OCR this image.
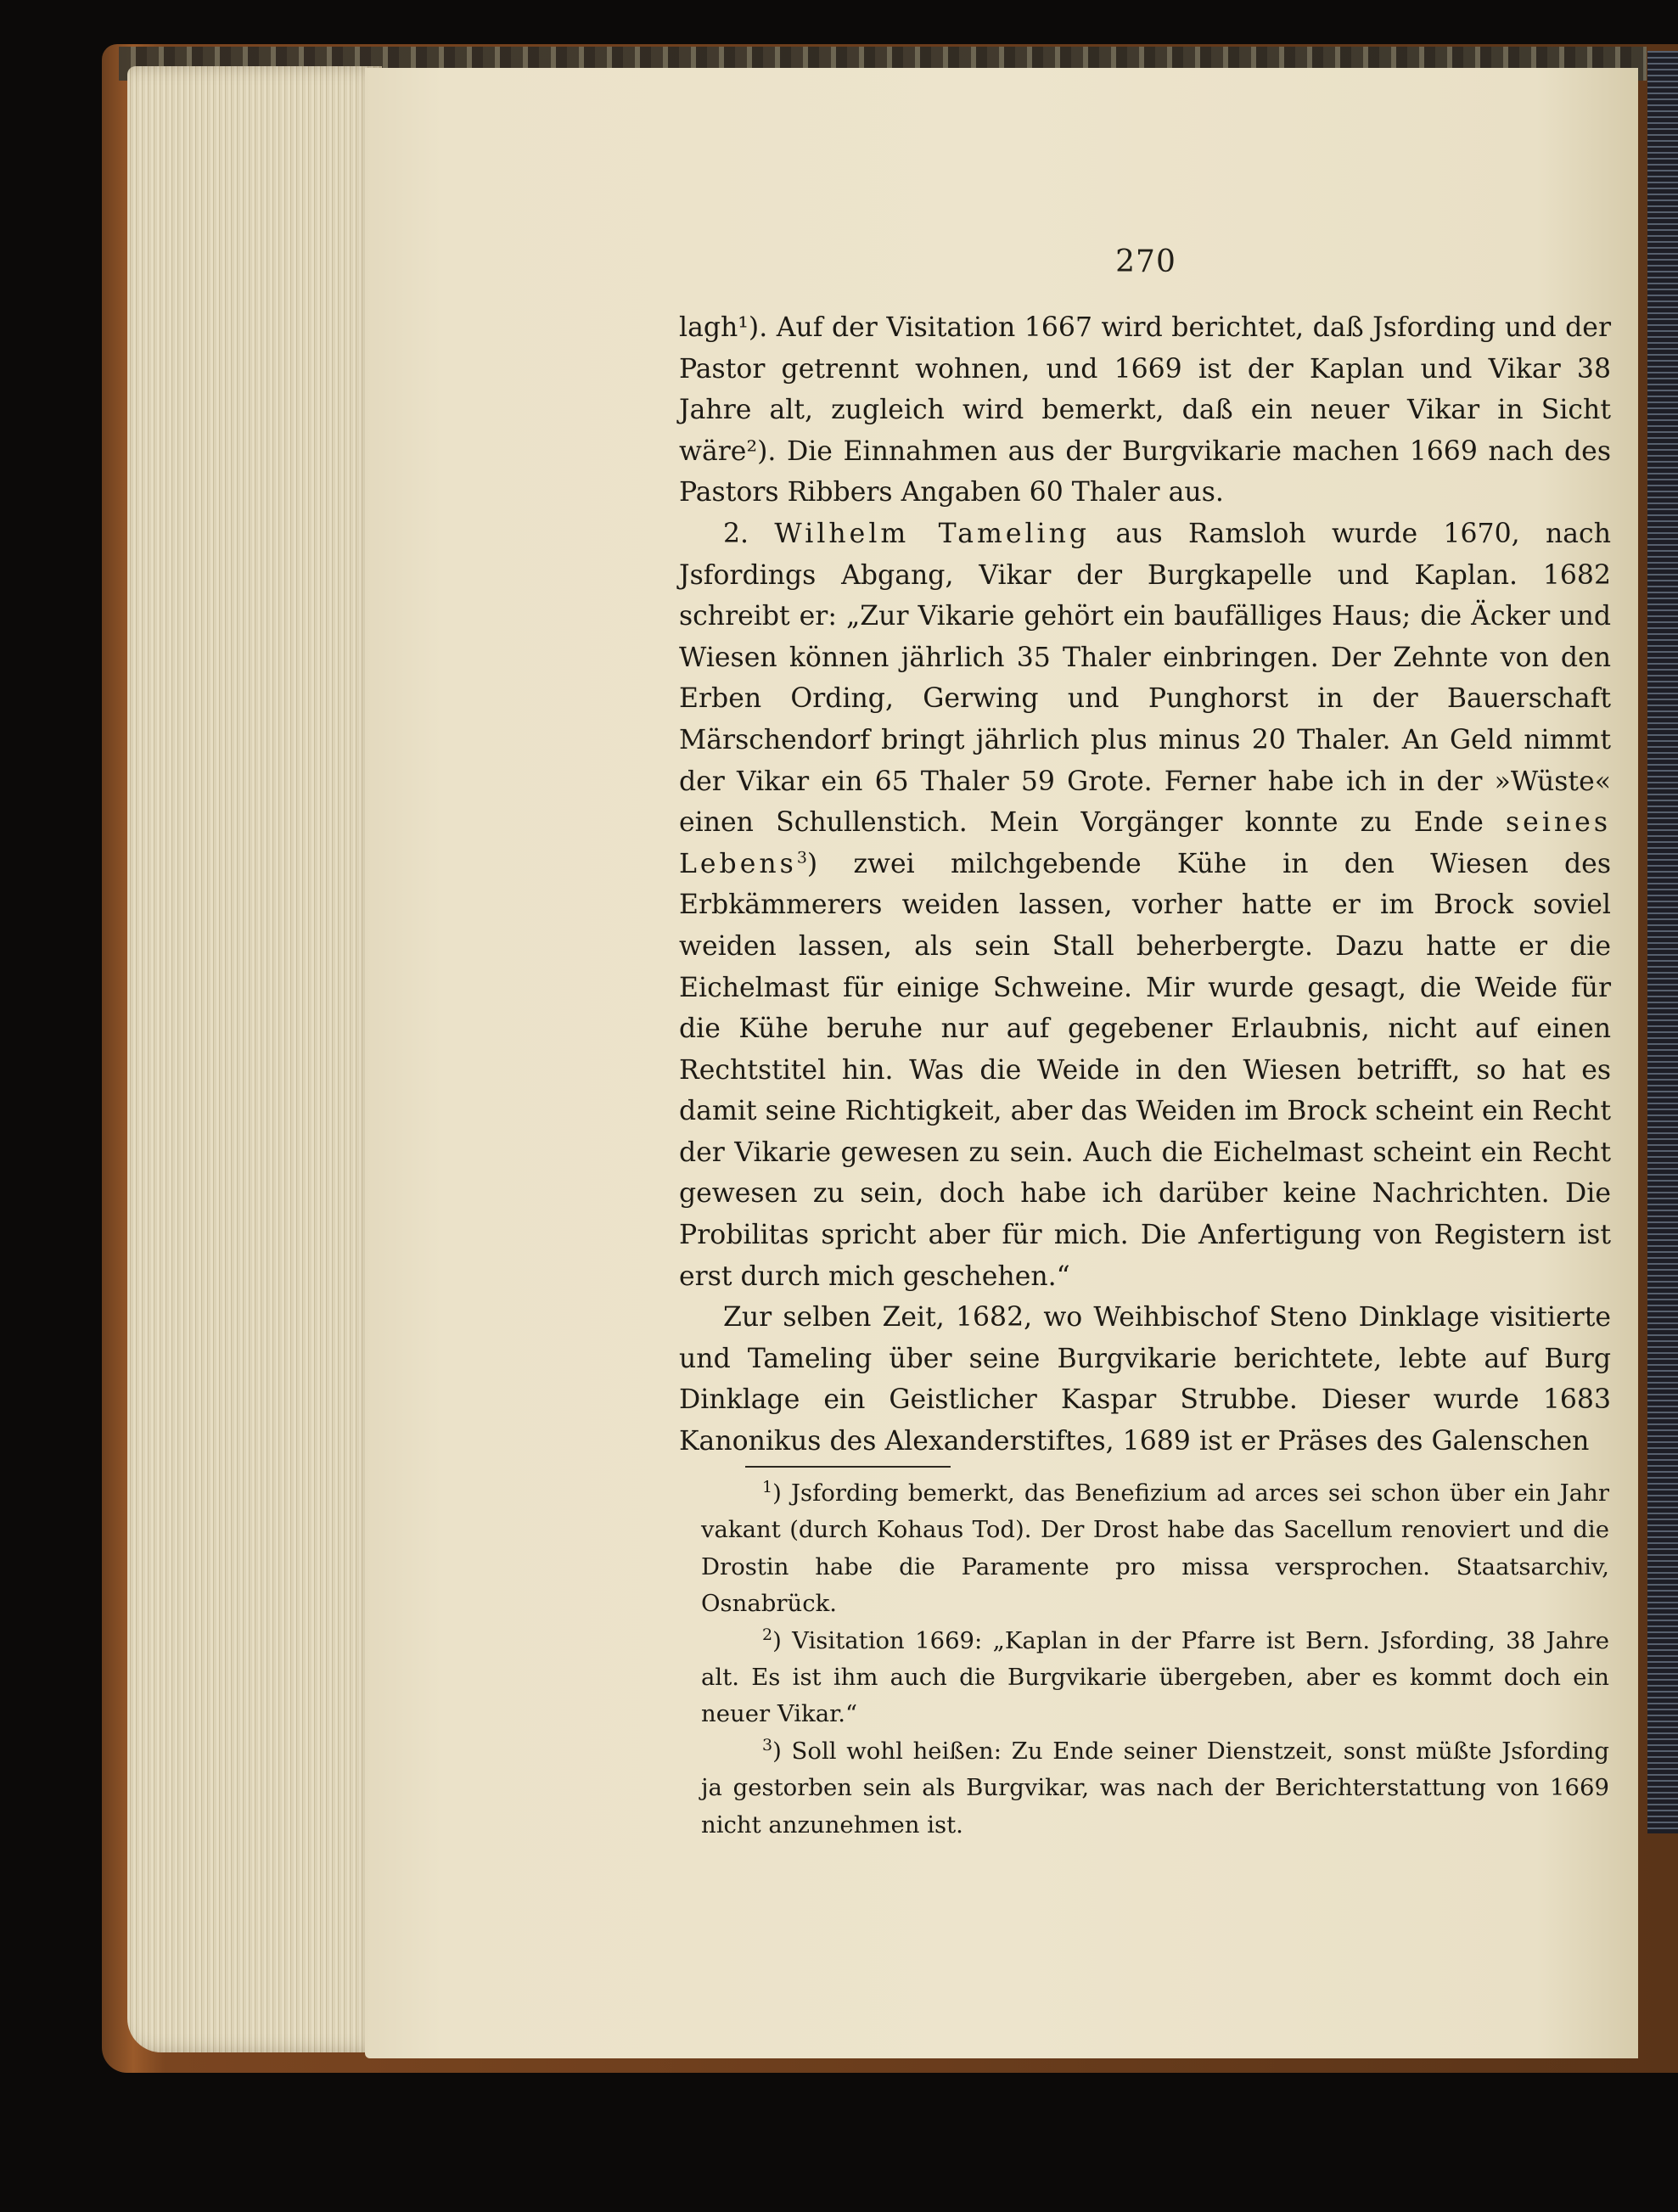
270

lagh¹). Auf der Visitation 1667 wird berichtet, daß Jsfording und der Pastor getrennt wohnen, und 1669 ist der Kaplan und Vikar 38 Jahre alt, zugleich wird bemerkt, daß ein neuer Vikar in Sicht wäre²). Die Einnahmen aus der Burgvikarie machen 1669 nach des Pastors Ribbers Angaben 60 Thaler aus.

2. Wilhelm Tameling aus Ramsloh wurde 1670, nach Jsfordings Abgang, Vikar der Burgkapelle und Kaplan. 1682 schreibt er: „Zur Vikarie gehört ein baufälliges Haus; die Äcker und Wiesen können jährlich 35 Thaler einbringen. Der Zehnte von den Erben Ording, Gerwing und Punghorst in der Bauerschaft Märschendorf bringt jährlich plus minus 20 Thaler. An Geld nimmt der Vikar ein 65 Thaler 59 Grote. Ferner habe ich in der »Wüste« einen Schullenstich. Mein Vorgänger konnte zu Ende seines Lebens$^3$) zwei milchgebende Kühe in den Wiesen des Erbkämmerers weiden lassen, vorher hatte er im Brock soviel weiden lassen, als sein Stall beherbergte. Dazu hatte er die Eichelmast für einige Schweine. Mir wurde gesagt, die Weide für die Kühe beruhe nur auf gegebener Erlaubnis, nicht auf einen Rechtstitel hin. Was die Weide in den Wiesen betrifft, so hat es damit seine Richtigkeit, aber das Weiden im Brock scheint ein Recht der Vikarie gewesen zu sein. Auch die Eichelmast scheint ein Recht gewesen zu sein, doch habe ich darüber keine Nachrichten. Die Probilitas spricht aber für mich. Die Anfertigung von Registern ist erst durch mich geschehen.“

Zur selben Zeit, 1682, wo Weihbischof Steno Dinklage visitierte und Tameling über seine Burgvikarie berichtete, lebte auf Burg Dinklage ein Geistlicher Kaspar Strubbe. Dieser wurde 1683 Kanonikus des Alexanderstiftes, 1689 ist er Präses des Galenschen

$^1$) Jsfording bemerkt, das Benefizium ad arces sei schon über ein Jahr vakant (durch Kohaus Tod). Der Drost habe das Sacellum renoviert und die Drostin habe die Paramente pro missa versprochen. Staatsarchiv, Osnabrück.

$^2$) Visitation 1669: „Kaplan in der Pfarre ist Bern. Jsfording, 38 Jahre alt. Es ist ihm auch die Burgvikarie übergeben, aber es kommt doch ein neuer Vikar.“

$^3$) Soll wohl heißen: Zu Ende seiner Dienstzeit, sonst müßte Jsfording ja gestorben sein als Burgvikar, was nach der Berichterstattung von 1669 nicht anzunehmen ist.
